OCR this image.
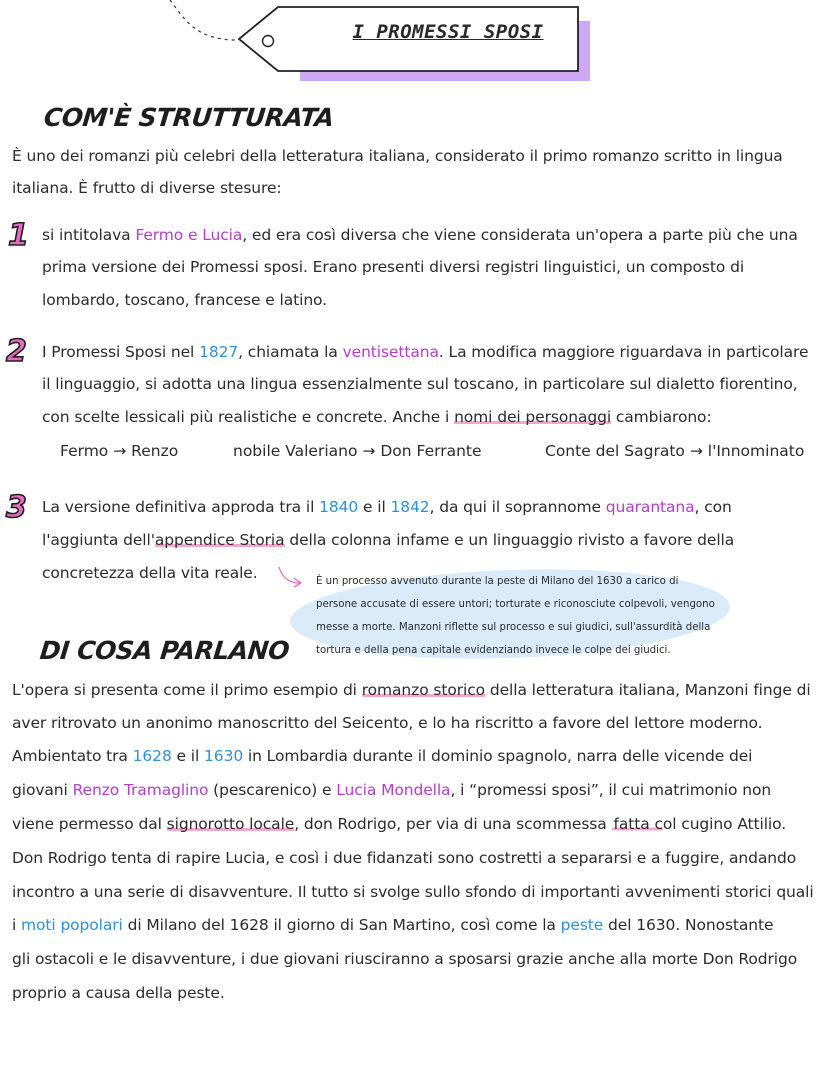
I PROMESSI SPOSI
COM'È STRUTTURATA
È uno dei romanzi più celebri della letteratura italiana, considerato il primo romanzo scritto in lingua
italiana. È frutto di diverse stesure:
1 si intitolava Fermo e Lucia, ed era così diversa che viene considerata un'opera a parte più che una
prima versione dei Promessi sposi. Erano presenti diversi registri linguistici, un composto di
lombardo, toscano, francese e latino.
2 I Promessi Sposi nel 1827, chiamata la ventisettana. La modifica maggiore riguardava in particolare
il linguaggio, si adotta una lingua essenzialmente sul toscano, in particolare sul dialetto fiorentino,
con scelte lessicali più realistiche e concrete. Anche i nomi dei personaggi cambiarono:
Fermo → Renzo	nobile Valeriano → Don Ferrante	Conte del Sagrato → l'Innominato
3 La versione definitiva approda tra il 1840 e il 1842, da qui il soprannome quarantana, con
l'aggiunta dell'appendice Storia della colonna infame e un linguaggio rivisto a favore della
concretezza della vita reale.	È un processo avvenuto durante la peste di Milano del 1630 a carico di
persone accusate di essere untori; torturate e riconosciute colpevoli, vengono
messe a morte. Manzoni riflette sul processo e sui giudici, sull'assurdità della
tortura e della pena capitale evidenziando invece le colpe dei giudici.
DI COSA PARLANO
L'opera si presenta come il primo esempio di romanzo storico della letteratura italiana, Manzoni finge di
aver ritrovato un anonimo manoscritto del Seicento, e lo ha riscritto a favore del lettore moderno.
Ambientato tra 1628 e il 1630 in Lombardia durante il dominio spagnolo, narra delle vicende dei
giovani Renzo Tramaglino (pescarenico) e Lucia Mondella, i “promessi sposi”, il cui matrimonio non
viene permesso dal signorotto locale, don Rodrigo, per via di una scommessa fatta col cugino Attilio.
Don Rodrigo tenta di rapire Lucia, e così i due fidanzati sono costretti a separarsi e a fuggire, andando
incontro a una serie di disavventure. Il tutto si svolge sullo sfondo di importanti avvenimenti storici quali
i moti popolari di Milano del 1628 il giorno di San Martino, così come la peste del 1630. Nonostante
gli ostacoli e le disavventure, i due giovani riusciranno a sposarsi grazie anche alla morte Don Rodrigo
proprio a causa della peste.
